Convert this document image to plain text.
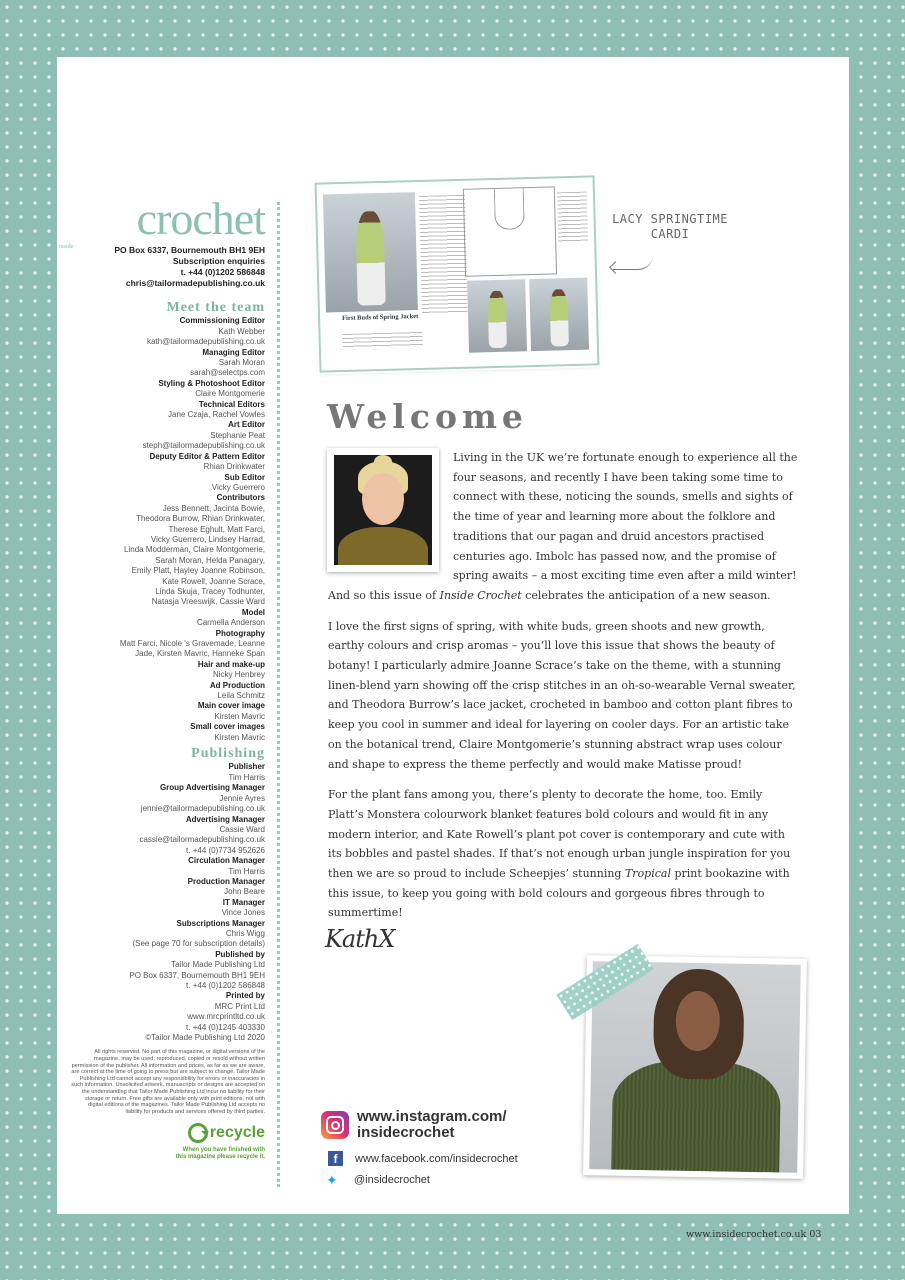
inside
crochet
PO Box 6337, Bournemouth BH1 9EH
Subscription enquiries
t. +44 (0)1202 586848
chris@tailormadepublishing.co.uk
Meet the team
Commissioning Editor
Kath Webber
kath@tailormadepublishing.co.uk
Managing Editor
Sarah Moran
sarah@selectps.com
Styling & Photoshoot Editor
Claire Montgomerie
Technical Editors
Jane Czaja, Rachel Vowles
Art Editor
Stephanie Peat
steph@tailormadepublishing.co.uk
Deputy Editor & Pattern Editor
Rhian Drinkwater
Sub Editor
Vicky Guerrero
Contributors
Jess Bennett, Jacinta Bowie,
Theodora Burrow, Rhian Drinkwater,
Therese Eghult, Matt Farci,
Vicky Guerrero, Lindsey Harrad,
Linda Modderman, Claire Montgomerie,
Sarah Moran, Helda Panagary,
Emily Platt, Hayley Joanne Robinson,
Kate Rowell, Joanne Scrace,
Linda Skuja, Tracey Todhunter,
Natasja Vreeswijk, Cassie Ward
Model
Carmella Anderson
Photography
Matt Farci, Nicole 's Gravemade, Leanne
Jade, Kirsten Mavric, Hanneke Span
Hair and make-up
Nicky Henbrey
Ad Production
Leila Schmitz
Main cover image
Kirsten Mavric
Small cover images
Kirsten Mavric
Publishing
Publisher
Tim Harris
Group Advertising Manager
Jennie Ayres
jennie@tailormadepublishing.co.uk
Advertising Manager
Cassie Ward
cassie@tailormadepublishing.co.uk
t. +44 (0)7734 952626
Circulation Manager
Tim Harris
Production Manager
John Beare
IT Manager
Vince Jones
Subscriptions Manager
Chris Wigg
(See page 70 for subscription details)
Published by
Tailor Made Publishing Ltd
PO Box 6337, Bournemouth BH1 9EH
t. +44 (0)1202 586848
Printed by
MRC Print Ltd
www.mrcprintltd.co.uk
t. +44 (0)1245 403330
©Tailor Made Publishing Ltd 2020
All rights reserved. No part of this magazine, or digital versions of the magazine, may be used, reproduced, copied or resold without written permission of the publisher. All information and prices, as far as we are aware, are correct at the time of going to press but are subject to change. Tailor Made Publishing Ltd cannot accept any responsibility for errors or inaccuracies in such information. Unsolicited artwork, manuscripts or designs are accepted on the understanding that Tailor Made Publishing Ltd incur no liability for their storage or return. Free gifts are available only with print editions, not with digital editions of the magazines. Tailor Made Publishing Ltd accepts no liability for products and services offered by third parties.
recycle
When you have finished with
this magazine please recycle it.
First Buds of Spring Jacket
LACY SPRINGTIME
CARDI
Welcome

Living in the UK we’re fortunate enough to experience all the four seasons, and recently I have been taking some time to connect with these, noticing the sounds, smells and sights of the time of year and learning more about the folklore and traditions that our pagan and druid ancestors practised centuries ago. Imbolc has passed now, and the promise of spring awaits – a most exciting time even after a mild winter! And so this issue of Inside Crochet celebrates the anticipation of a new season.

I love the first signs of spring, with white buds, green shoots and new growth, earthy colours and crisp aromas – you’ll love this issue that shows the beauty of botany! I particularly admire Joanne Scrace’s take on the theme, with a stunning linen-blend yarn showing off the crisp stitches in an oh-so-wearable Vernal sweater, and Theodora Burrow’s lace jacket, crocheted in bamboo and cotton plant fibres to keep you cool in summer and ideal for layering on cooler days. For an artistic take on the botanical trend, Claire Montgomerie’s stunning abstract wrap uses colour and shape to express the theme perfectly and would make Matisse proud!

For the plant fans among you, there’s plenty to decorate the home, too. Emily Platt’s Monstera colourwork blanket features bold colours and would fit in any modern interior, and Kate Rowell’s plant pot cover is contemporary and cute with its bobbles and pastel shades. If that’s not enough urban jungle inspiration for you then we are so proud to include Scheepjes’ stunning Tropical print bookazine with this issue, to keep you going with bold colours and gorgeous fibres through to summertime!

KathX
www.instagram.com/
insidecrochet
f	www.facebook.com/insidecrochet
✦	@insidecrochet
www.insidecrochet.co.uk 03
